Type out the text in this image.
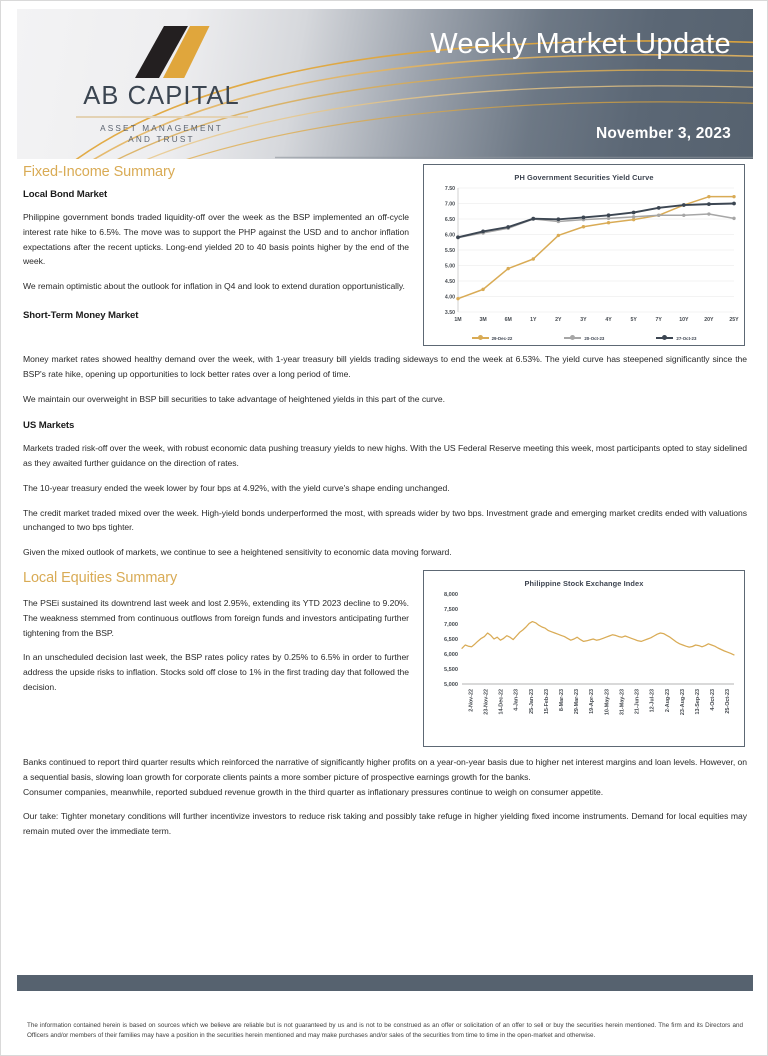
AB CAPITAL
ASSET MANAGEMENT
AND TRUST
Weekly Market Update
November 3, 2023
Fixed-Income Summary
Local Bond Market

Philippine government bonds traded liquidity-off over the week as the BSP implemented an off-cycle interest rate hike to 6.5%. The move was to support the PHP against the USD and to anchor inflation expectations after the recent upticks. Long-end yielded 20 to 40 basis points higher by the end of the week.

We remain optimistic about the outlook for inflation in Q4 and look to extend duration opportunistically.

Short-Term Money Market
PH Government Securities Yield Curve
3.50
4.00
4.50
5.00
5.50
6.00
6.50
7.00
7.50
1M	3M	6M	1Y	2Y	3Y	4Y	5Y	7Y	10Y	20Y	25Y
29-Dec-22	20-Oct-23	27-Oct-23

Money market rates showed healthy demand over the week, with 1-year treasury bill yields trading sideways to end the week at 6.53%. The yield curve has steepened significantly since the BSP's rate hike, opening up opportunities to lock better rates over a long period of time.

We maintain our overweight in BSP bill securities to take advantage of heightened yields in this part of the curve.

US Markets

Markets traded risk-off over the week, with robust economic data pushing treasury yields to new highs. With the US Federal Reserve meeting this week, most participants opted to stay sidelined as they awaited further guidance on the direction of rates.

The 10-year treasury ended the week lower by four bps at 4.92%, with the yield curve's shape ending unchanged.

The credit market traded mixed over the week. High-yield bonds underperformed the most, with spreads wider by two bps. Investment grade and emerging market credits ended with valuations unchanged to two bps tighter.

Given the mixed outlook of markets, we continue to see a heightened sensitivity to economic data moving forward.

Local Equities Summary

The PSEi sustained its downtrend last week and lost 2.95%, extending its YTD 2023 decline to 9.20%. The weakness stemmed from continuous outflows from foreign funds and investors anticipating further tightening from the BSP.

In an unscheduled decision last week, the BSP rates policy rates by 0.25% to 6.5% in order to further address the upside risks to inflation. Stocks sold off close to 1% in the first trading day that followed the decision.

Philippine Stock Exchange Index
5,000
5,500
6,000
6,500
7,000
7,500
8,000
2-Nov-22 23-Nov-22 14-Dec-22 4-Jan-23 25-Jan-23 15-Feb-23 8-Mar-23 29-Mar-23 19-Apr-23 10-May-23 31-May-23 21-Jun-23 12-Jul-23 2-Aug-23 23-Aug-23 13-Sep-23 4-Oct-23 25-Oct-23

Banks continued to report third quarter results which reinforced the narrative of significantly higher profits on a year-on-year basis due to higher net interest margins and loan levels. However, on a sequential basis, slowing loan growth for corporate clients paints a more somber picture of prospective earnings growth for the banks.

Consumer companies, meanwhile, reported subdued revenue growth in the third quarter as inflationary pressures continue to weigh on consumer appetite.

Our take: Tighter monetary conditions will further incentivize investors to reduce risk taking and possibly take refuge in higher yielding fixed income instruments. Demand for local equities may remain muted over the immediate term.

The information contained herein is based on sources which we believe are reliable but is not guaranteed by us and is not to be construed as an offer or solicitation of an offer to sell or buy the securities herein mentioned. The firm and its Directors and Officers and/or members of their families may have a position in the securities herein mentioned and may make purchases and/or sales of the securities from time to time in the open-market and otherwise.
